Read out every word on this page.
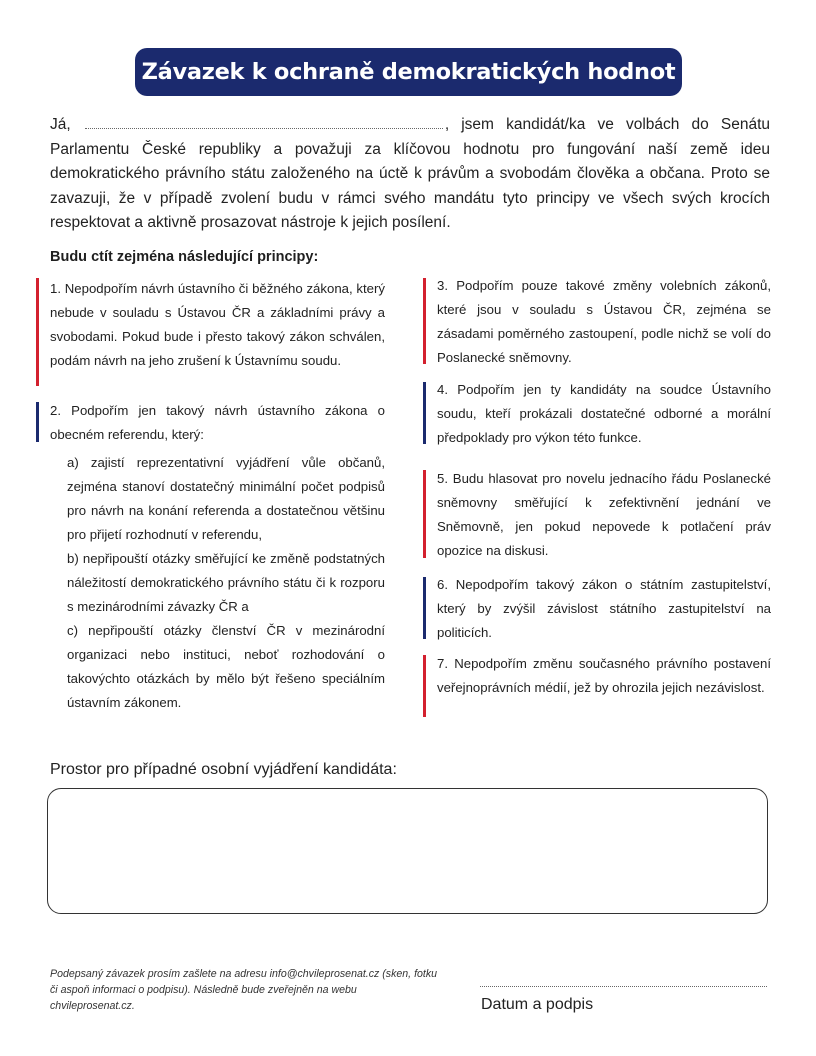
Závazek k ochraně demokratických hodnot

Já,	, jsem kandidát/ka ve volbách do Senátu Parlamentu České republiky a považuji za klíčovou hodnotu pro fungování naší země ideu demokratického právního státu založeného na úctě k právům a svobodám člověka a občana. Proto se zavazuji, že v případě zvolení budu v rámci svého mandátu tyto principy ve všech svých krocích respektovat a aktivně prosazovat nástroje k jejich posílení.

Budu ctít zejména následující principy:
1. Nepodpořím návrh ústavního či běžného zákona, který nebude v souladu s Ústavou ČR a základními právy a svobodami. Pokud bude i přesto takový zákon schválen, podám návrh na jeho zrušení k Ústavnímu soudu.
2. Podpořím jen takový návrh ústavního zákona o obecném referendu, který:
a) zajistí reprezentativní vyjádření vůle občanů, zejména stanoví dostatečný minimální počet podpisů pro návrh na konání referenda a dostatečnou většinu pro přijetí rozhodnutí v referendu,
b) nepřipouští otázky směřující ke změně podstatných náležitostí demokratického právního státu či k rozporu s mezinárodními závazky ČR a
c) nepřipouští otázky členství ČR v mezinárodní organizaci nebo instituci, neboť rozhodování o takovýchto otázkách by mělo být řešeno speciálním ústavním zákonem.
3. Podpořím pouze takové změny volebních zákonů, které jsou v souladu s Ústavou ČR, zejména se zásadami poměrného zastoupení, podle nichž se volí do Poslanecké sněmovny.
4. Podpořím jen ty kandidáty na soudce Ústavního soudu, kteří prokázali dostatečné odborné a morální předpoklady pro výkon této funkce.
5. Budu hlasovat pro novelu jednacího řádu Poslanecké sněmovny směřující k zefektivnění jednání ve Sněmovně, jen pokud nepovede k potlačení práv opozice na diskusi.
6. Nepodpořím takový zákon o státním zastupitelství, který by zvýšil závislost státního zastupitelství na politicích.
7. Nepodpořím změnu současného právního postavení veřejnoprávních médií, jež by ohrozila jejich nezávislost.
Prostor pro případné osobní vyjádření kandidáta:
Podepsaný závazek prosím zašlete na adresu info@chvileprosenat.cz (sken, fotku či aspoň informaci o podpisu). Následně bude zveřejněn na webu chvileprosenat.cz.	Datum a podpis
